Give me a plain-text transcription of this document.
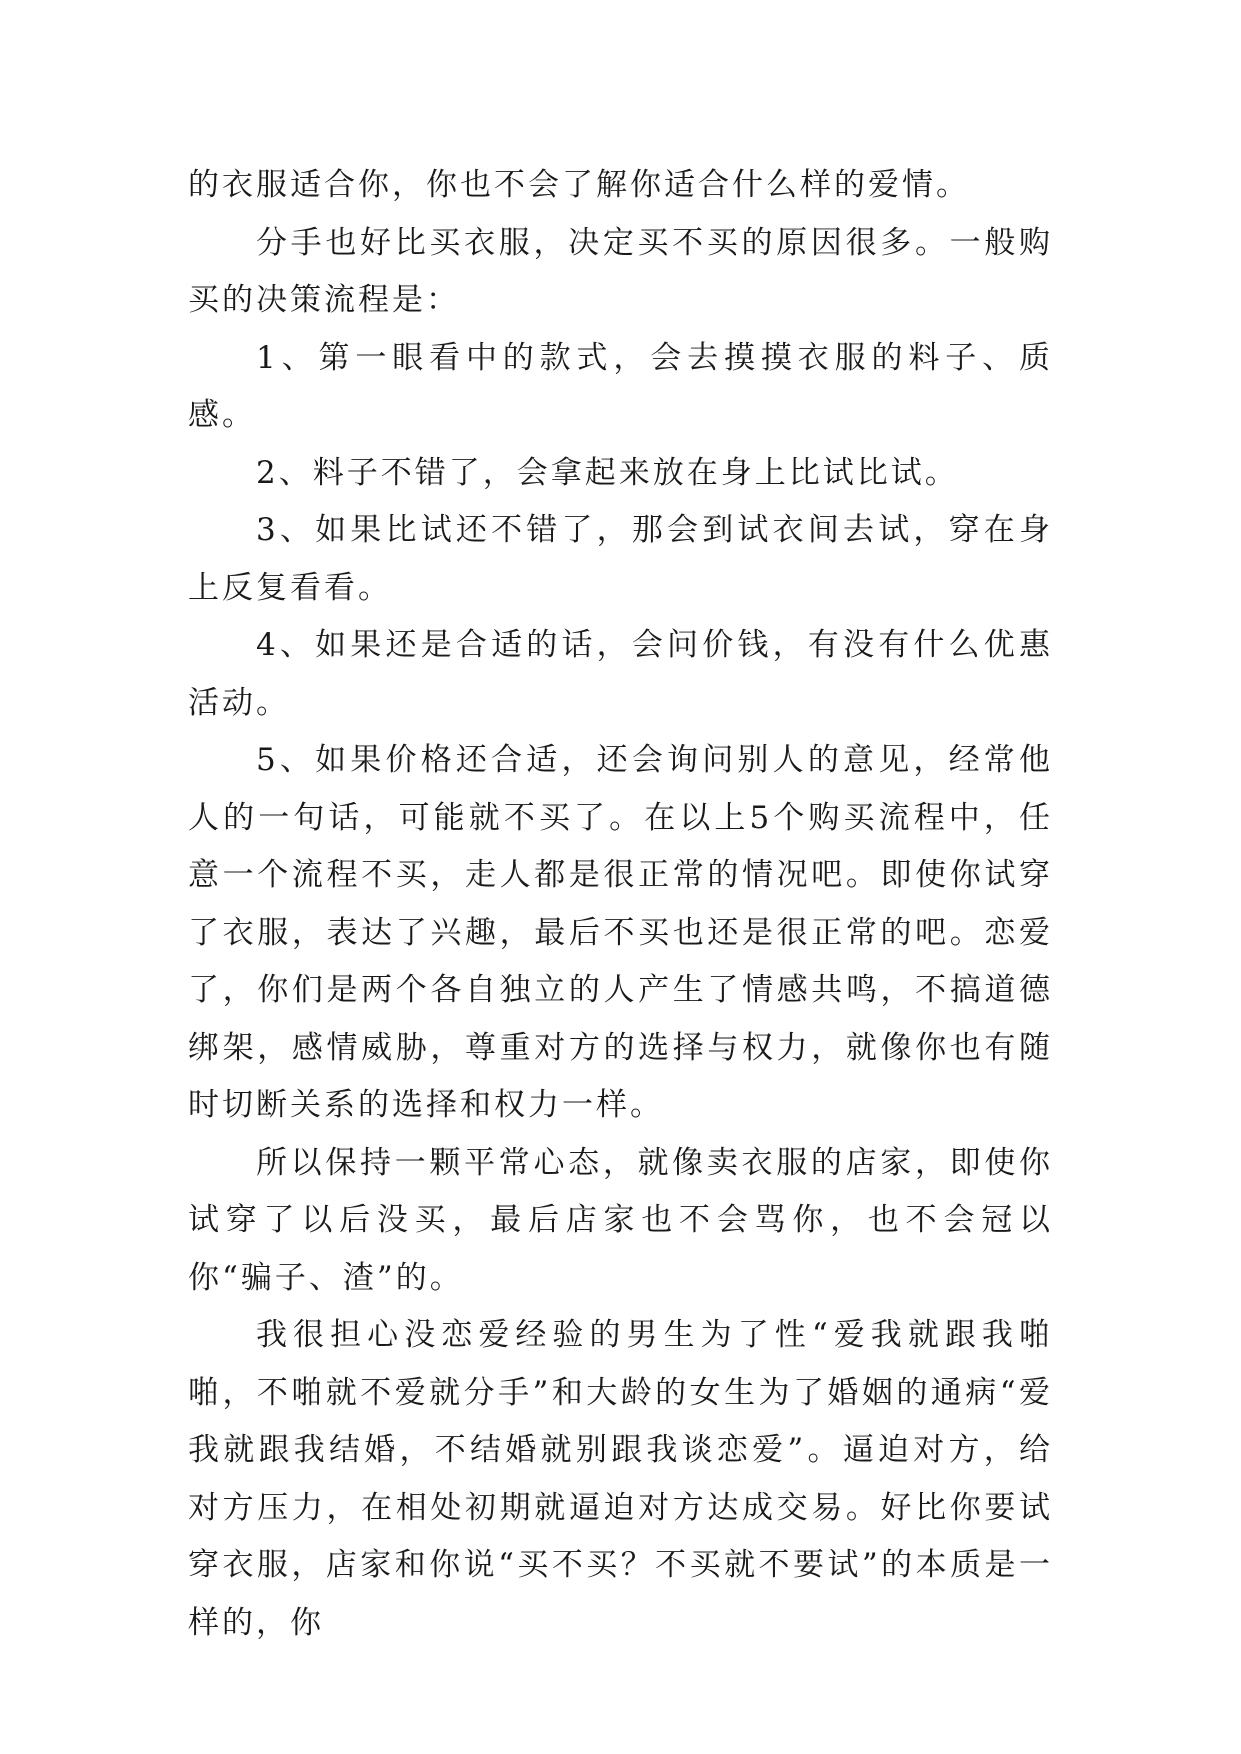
的衣服适合你，你也不会了解你适合什么样的爱情。

分手也好比买衣服，决定买不买的原因很多。一般购买的决策流程是：

1、第一眼看中的款式，会去摸摸衣服的料子、质感。

2、料子不错了，会拿起来放在身上比试比试。

3、如果比试还不错了，那会到试衣间去试，穿在身上反复看看。

4、如果还是合适的话，会问价钱，有没有什么优惠活动。

5、如果价格还合适，还会询问别人的意见，经常他人的一句话，可能就不买了。在以上5个购买流程中，任意一个流程不买，走人都是很正常的情况吧。即使你试穿了衣服，表达了兴趣，最后不买也还是很正常的吧。恋爱了，你们是两个各自独立的人产生了情感共鸣，不搞道德绑架，感情威胁，尊重对方的选择与权力，就像你也有随时切断关系的选择和权力一样。

所以保持一颗平常心态，就像卖衣服的店家，即使你试穿了以后没买，最后店家也不会骂你，也不会冠以你“骗子、渣”的。

我很担心没恋爱经验的男生为了性“爱我就跟我啪啪，不啪就不爱就分手”和大龄的女生为了婚姻的通病“爱我就跟我结婚，不结婚就别跟我谈恋爱”。逼迫对方，给对方压力，在相处初期就逼迫对方达成交易。好比你要试穿衣服，店家和你说“买不买？不买就不要试”的本质是一样的，你
